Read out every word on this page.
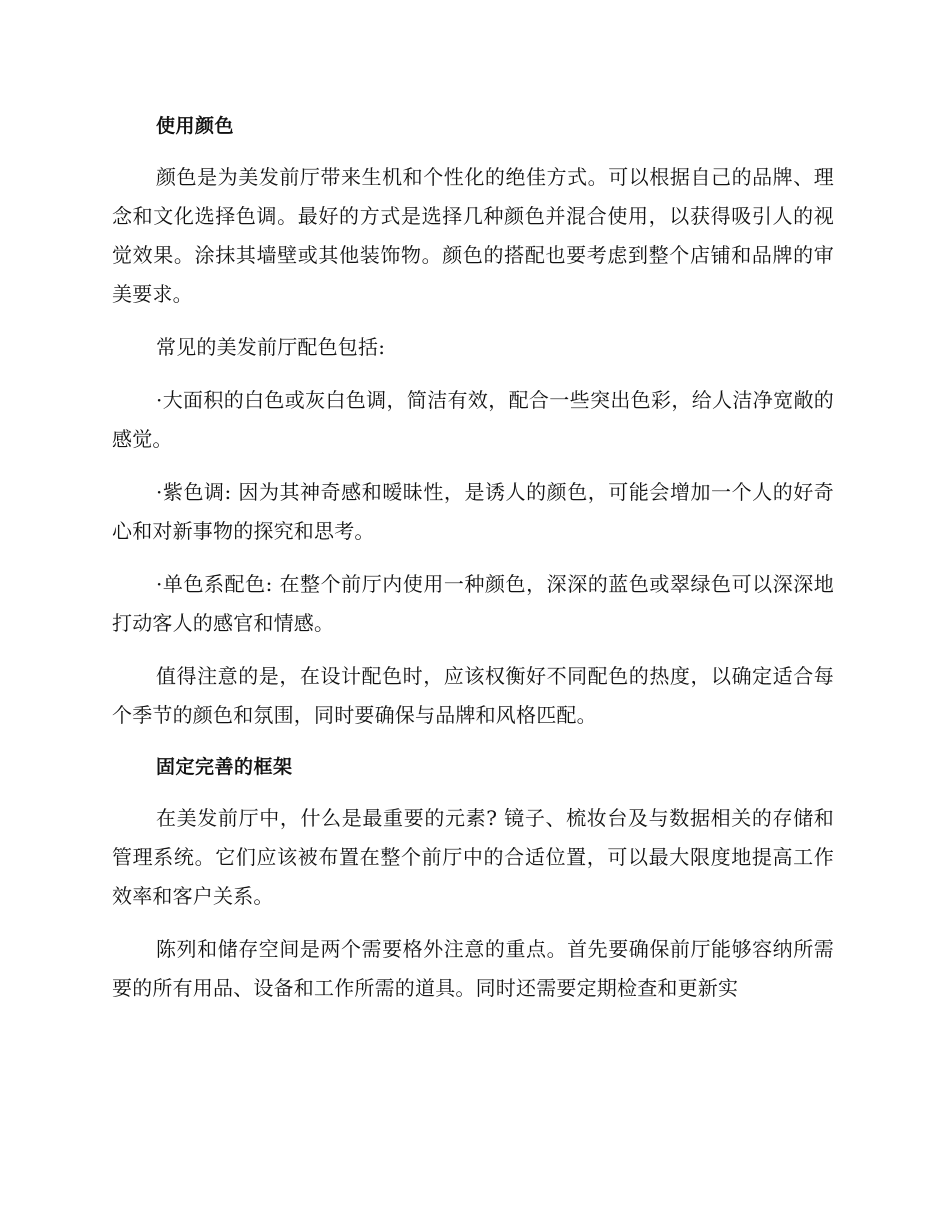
使用颜色

颜色是为美发前厅带来生机和个性化的绝佳方式。可以根据自己的品牌、理念和文化选择色调。最好的方式是选择几种颜色并混合使用，以获得吸引人的视觉效果。涂抹其墙壁或其他装饰物。颜色的搭配也要考虑到整个店铺和品牌的审美要求。

常见的美发前厅配色包括:

·大面积的白色或灰白色调，简洁有效，配合一些突出色彩，给人洁净宽敞的感觉。

·紫色调: 因为其神奇感和暧昧性，是诱人的颜色，可能会增加一个人的好奇心和对新事物的探究和思考。

·单色系配色: 在整个前厅内使用一种颜色，深深的蓝色或翠绿色可以深深地打动客人的感官和情感。

值得注意的是，在设计配色时，应该权衡好不同配色的热度，以确定适合每个季节的颜色和氛围，同时要确保与品牌和风格匹配。

固定完善的框架

在美发前厅中，什么是最重要的元素? 镜子、梳妆台及与数据相关的存储和管理系统。它们应该被布置在整个前厅中的合适位置，可以最大限度地提高工作效率和客户关系。

陈列和储存空间是两个需要格外注意的重点。首先要确保前厅能够容纳所需要的所有用品、设备和工作所需的道具。同时还需要定期检查和更新实
